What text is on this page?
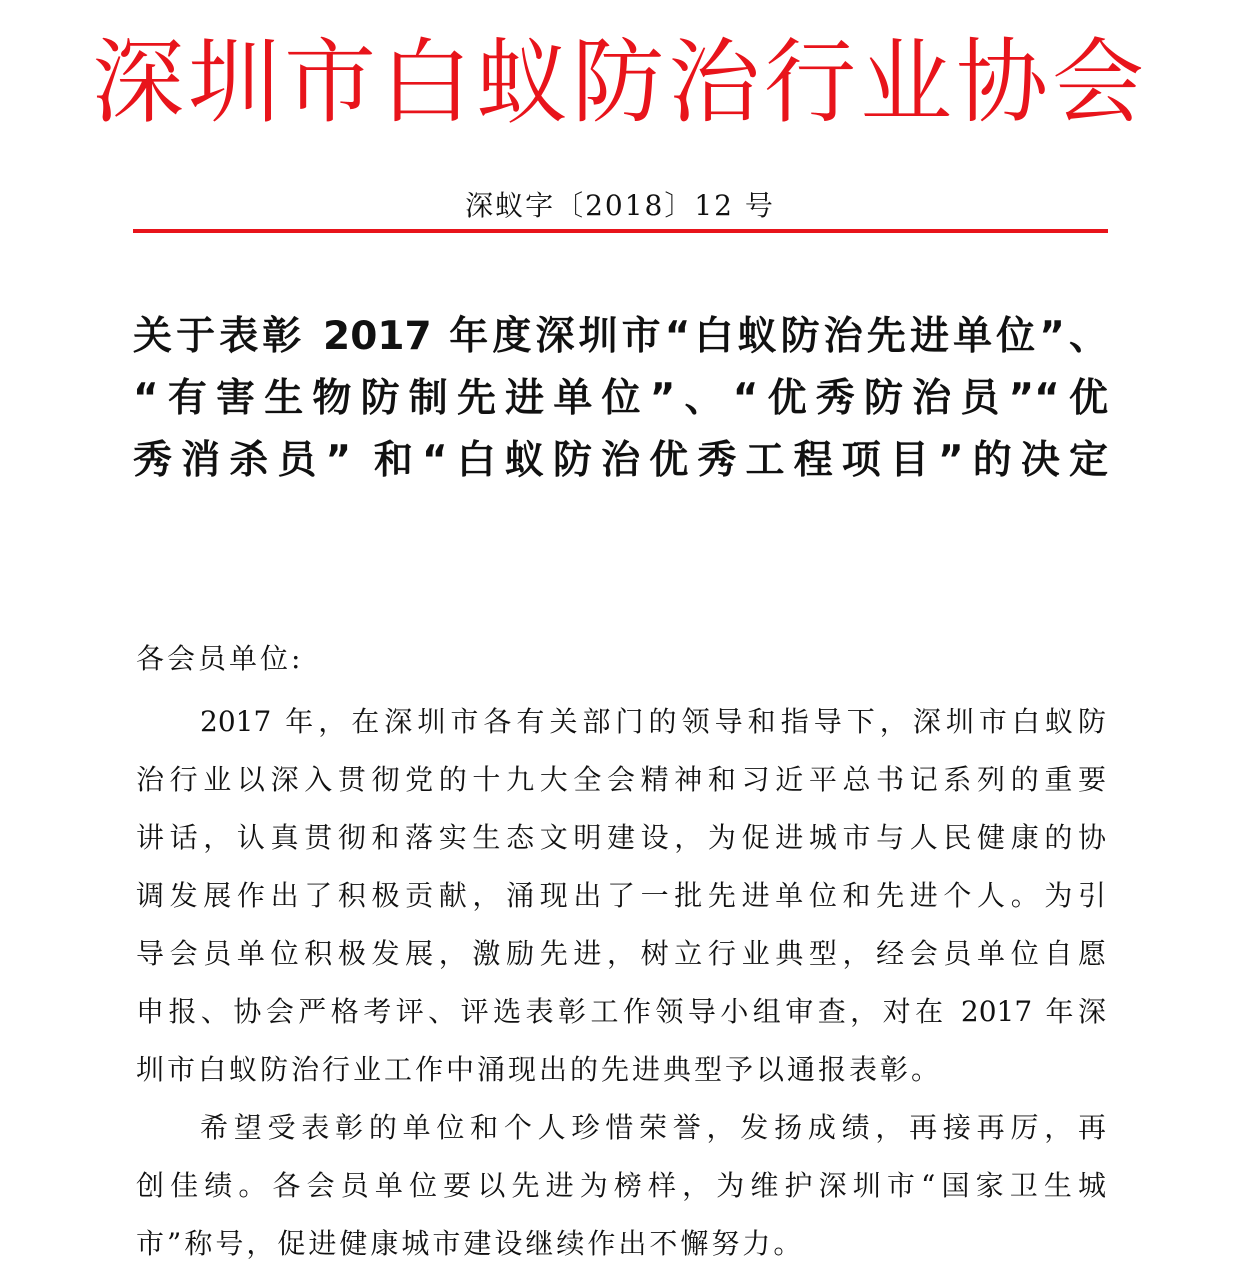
深圳市白蚁防治行业协会
深蚁字〔2018〕12 号
关于表彰 2017 年度深圳市“白蚁防治先进单位”、
“有害生物防制先进单位”、“优秀防治员”“优
秀消杀员” 和“白蚁防治优秀工程项目”的决定
各会员单位:
2017 年，在深圳市各有关部门的领导和指导下，深圳市白蚁防
治行业以深入贯彻党的十九大全会精神和习近平总书记系列的重要
讲话，认真贯彻和落实生态文明建设，为促进城市与人民健康的协
调发展作出了积极贡献，涌现出了一批先进单位和先进个人。为引
导会员单位积极发展，激励先进，树立行业典型，经会员单位自愿
申报、协会严格考评、评选表彰工作领导小组审查，对在 2017 年深
圳市白蚁防治行业工作中涌现出的先进典型予以通报表彰。
希望受表彰的单位和个人珍惜荣誉，发扬成绩，再接再厉，再
创佳绩。各会员单位要以先进为榜样，为维护深圳市“国家卫生城
市”称号，促进健康城市建设继续作出不懈努力。
